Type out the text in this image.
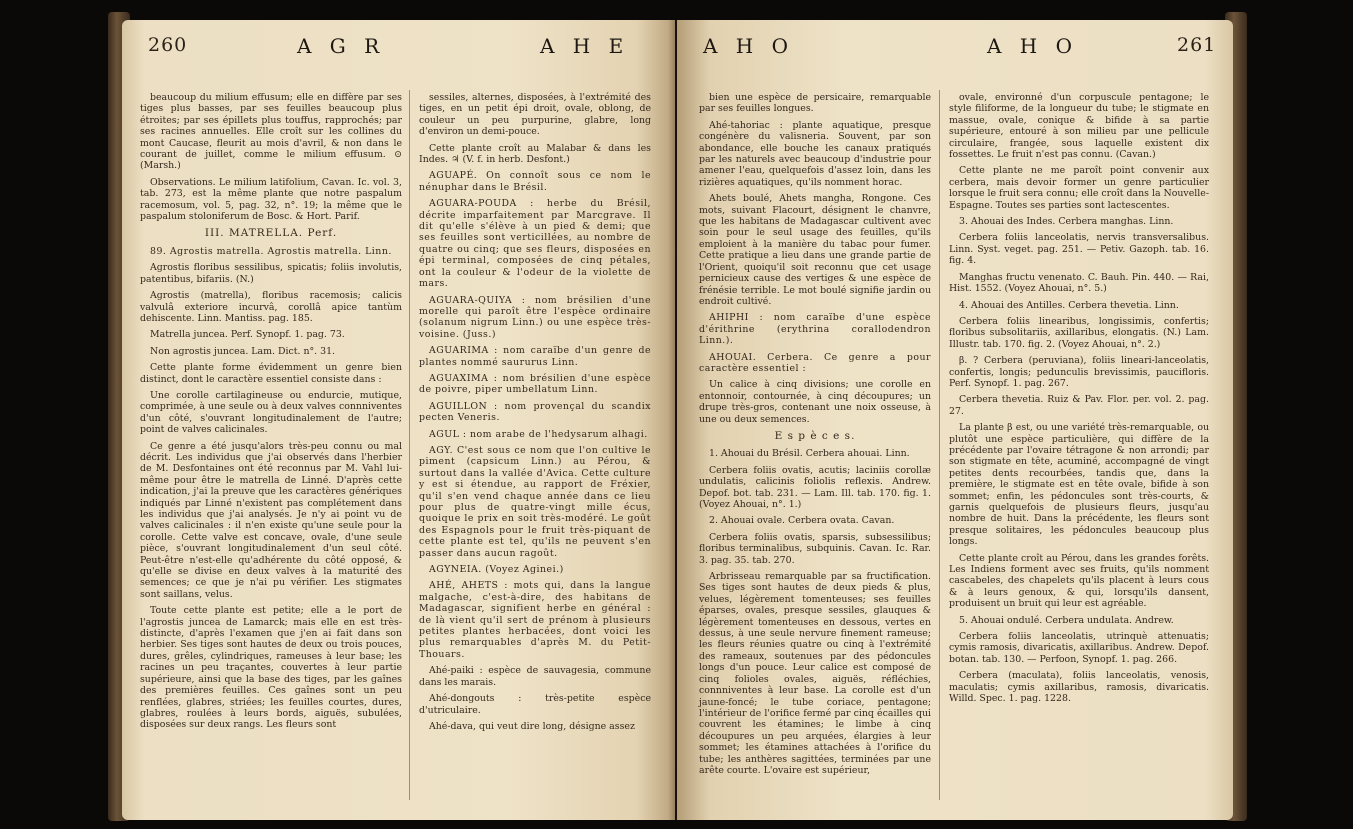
260	A G R	A H E

beaucoup du milium effusum; elle en diffère par ses tiges plus basses, par ses feuilles beaucoup plus étroites; par ses épillets plus touffus, rapprochés; par ses racines annuelles. Elle croît sur les collines du mont Caucase, fleurit au mois d'avril, & non dans le courant de juillet, comme le milium effusum. ⊙ (Marsh.)

Observations. Le milium latifolium, Cavan. Ic. vol. 3, tab. 273, est la même plante que notre paspalum racemosum, vol. 5, pag. 32, n°. 19; la même que le paspalum stoloniferum de Bosc. & Hort. Parif.

III. MATRELLA. Perf.

89. Agrostis matrella. Agrostis matrella. Linn.

Agrostis floribus sessilibus, spicatis; foliis involutis, patentibus, bifariis. (N.)

Agrostis (matrella), floribus racemosis; calicis valvulâ exteriore incurvâ, corollâ apice tantùm dehiscente. Linn. Mantiss. pag. 185.

Matrella juncea. Perf. Synopf. 1. pag. 73.

Non agrostis juncea. Lam. Dict. n°. 31.

Cette plante forme évidemment un genre bien distinct, dont le caractère essentiel consiste dans :

Une corolle cartilagineuse ou endurcie, mutique, comprimée, à une seule ou à deux valves connniventes d'un côté, s'ouvrant longitudinalement de l'autre; point de valves calicinales.

Ce genre a été jusqu'alors très-peu connu ou mal décrit. Les individus que j'ai observés dans l'herbier de M. Desfontaines ont été reconnus par M. Vahl lui-même pour être le matrella de Linné. D'après cette indication, j'ai la preuve que les caractères génériques indiqués par Linné n'existent pas complétement dans les individus que j'ai analysés. Je n'y ai point vu de valves calicinales : il n'en existe qu'une seule pour la corolle. Cette valve est concave, ovale, d'une seule pièce, s'ouvrant longitudinalement d'un seul côté. Peut-être n'est-elle qu'adhérente du côté opposé, & qu'elle se divise en deux valves à la maturité des semences; ce que je n'ai pu vérifier. Les stigmates sont saillans, velus.

Toute cette plante est petite; elle a le port de l'agrostis juncea de Lamarck; mais elle en est très-distincte, d'après l'examen que j'en ai fait dans son herbier. Ses tiges sont hautes de deux ou trois pouces, dures, grêles, cylindriques, rameuses à leur base; les racines un peu traçantes, couvertes à leur partie supérieure, ainsi que la base des tiges, par les gaînes des premières feuilles. Ces gaînes sont un peu renflées, glabres, striées; les feuilles courtes, dures, glabres, roulées à leurs bords, aiguës, subulées, disposées sur deux rangs. Les fleurs sont

sessiles, alternes, disposées, à l'extrémité des tiges, en un petit épi droit, ovale, oblong, de couleur un peu purpurine, glabre, long d'environ un demi-pouce.

Cette plante croît au Malabar & dans les Indes. ♃ (V. f. in herb. Desfont.)

AGUAPÉ. On connoît sous ce nom le nénuphar dans le Brésil.

AGUARA-POUDA : herbe du Brésil, décrite imparfaitement par Marcgrave. Il dit qu'elle s'élève à un pied & demi; que ses feuilles sont verticillées, au nombre de quatre ou cinq; que ses fleurs, disposées en épi terminal, composées de cinq pétales, ont la couleur & l'odeur de la violette de mars.

AGUARA-QUIYA : nom brésilien d'une morelle qui paroît être l'espèce ordinaire (solanum nigrum Linn.) ou une espèce très-voisine. (Juss.)

AGUARIMA : nom caraïbe d'un genre de plantes nommé saururus Linn.

AGUAXIMA : nom brésilien d'une espèce de poivre, piper umbellatum Linn.

AGUILLON : nom provençal du scandix pecten Veneris.

AGUL : nom arabe de l'hedysarum alhagi.

AGY. C'est sous ce nom que l'on cultive le piment (capsicum Linn.) au Pérou, & surtout dans la vallée d'Avica. Cette culture y est si étendue, au rapport de Fréxier, qu'il s'en vend chaque année dans ce lieu pour plus de quatre-vingt mille écus, quoique le prix en soit très-modéré. Le goût des Espagnols pour le fruit très-piquant de cette plante est tel, qu'ils ne peuvent s'en passer dans aucun ragoût.

AGYNEIA. (Voyez Aginei.)

AHÉ, AHETS : mots qui, dans la langue malgache, c'est-à-dire, des habitans de Madagascar, signifient herbe en général : de là vient qu'il sert de prénom à plusieurs petites plantes herbacées, dont voici les plus remarquables d'après M. du Petit-Thouars.

Ahé-paiki : espèce de sauvagesia, commune dans les marais.

Ahé-dongouts : très-petite espèce d'utriculaire.

Ahé-dava, qui veut dire long, désigne assez

A H O	A H O	261

bien une espèce de persicaire, remarquable par ses feuilles longues.

Ahé-tahoriac : plante aquatique, presque congénère du valisneria. Souvent, par son abondance, elle bouche les canaux pratiqués par les naturels avec beaucoup d'industrie pour amener l'eau, quelquefois d'assez loin, dans les rizières aquatiques, qu'ils nomment horac.

Ahets boulé, Ahets mangha, Rongone. Ces mots, suivant Flacourt, désignent le chanvre, que les habitans de Madagascar cultivent avec soin pour le seul usage des feuilles, qu'ils emploient à la manière du tabac pour fumer. Cette pratique a lieu dans une grande partie de l'Orient, quoiqu'il soit reconnu que cet usage pernicieux cause des vertiges & une espèce de frénésie terrible. Le mot boulé signifie jardin ou endroit cultivé.

AHIPHI : nom caraïbe d'une espèce d'érithrine (erythrina corallodendron Linn.).

AHOUAI. Cerbera. Ce genre a pour caractère essentiel :

Un calice à cinq divisions; une corolle en entonnoir, contournée, à cinq découpures; un drupe très-gros, contenant une noix osseuse, à une ou deux semences.

E s p è c e s.

1. Ahouai du Brésil. Cerbera ahouai. Linn.

Cerbera foliis ovatis, acutis; laciniis corollæ undulatis, calicinis foliolis reflexis. Andrew. Depof. bot. tab. 231. — Lam. Ill. tab. 170. fig. 1. (Voyez Ahouai, n°. 1.)

2. Ahouai ovale. Cerbera ovata. Cavan.

Cerbera foliis ovatis, sparsis, subsessilibus; floribus terminalibus, subquinis. Cavan. Ic. Rar. 3. pag. 35. tab. 270.

Arbrisseau remarquable par sa fructification. Ses tiges sont hautes de deux pieds & plus, velues, légèrement tomenteuses; ses feuilles éparses, ovales, presque sessiles, glauques & légèrement tomenteuses en dessous, vertes en dessus, à une seule nervure finement rameuse; les fleurs réunies quatre ou cinq à l'extrémité des rameaux, soutenues par des pédoncules longs d'un pouce. Leur calice est composé de cinq folioles ovales, aiguës, réfléchies, connniventes à leur base. La corolle est d'un jaune-foncé; le tube coriace, pentagone; l'intérieur de l'orifice fermé par cinq écailles qui couvrent les étamines; le limbe à cinq découpures un peu arquées, élargies à leur sommet; les étamines attachées à l'orifice du tube; les anthères sagittées, terminées par une arête courte. L'ovaire est supérieur,

ovale, environné d'un corpuscule pentagone; le style filiforme, de la longueur du tube; le stigmate en massue, ovale, conique & bifide à sa partie supérieure, entouré à son milieu par une pellicule circulaire, frangée, sous laquelle existent dix fossettes. Le fruit n'est pas connu. (Cavan.)

Cette plante ne me paroît point convenir aux cerbera, mais devoir former un genre particulier lorsque le fruit sera connu; elle croît dans la Nouvelle-Espagne. Toutes ses parties sont lactescentes.

3. Ahouai des Indes. Cerbera manghas. Linn.

Cerbera foliis lanceolatis, nervis transversalibus. Linn. Syst. veget. pag. 251. — Petiv. Gazoph. tab. 16. fig. 4.

Manghas fructu venenato. C. Bauh. Pin. 440. — Rai, Hist. 1552. (Voyez Ahouai, n°. 5.)

4. Ahouai des Antilles. Cerbera thevetia. Linn.

Cerbera foliis linearibus, longissimis, confertis; floribus subsolitariis, axillaribus, elongatis. (N.) Lam. Illustr. tab. 170. fig. 2. (Voyez Ahouai, n°. 2.)

β. ? Cerbera (peruviana), foliis lineari-lanceolatis, confertis, longis; pedunculis brevissimis, paucifloris. Perf. Synopf. 1. pag. 267.

Cerbera thevetia. Ruiz & Pav. Flor. per. vol. 2. pag. 27.

La plante β est, ou une variété très-remarquable, ou plutôt une espèce particulière, qui diffère de la précédente par l'ovaire tétragone & non arrondi; par son stigmate en tête, acuminé, accompagné de vingt petites dents recourbées, tandis que, dans la première, le stigmate est en tête ovale, bifide à son sommet; enfin, les pédoncules sont très-courts, & garnis quelquefois de plusieurs fleurs, jusqu'au nombre de huit. Dans la précédente, les fleurs sont presque solitaires, les pédoncules beaucoup plus longs.

Cette plante croît au Pérou, dans les grandes forêts. Les Indiens forment avec ses fruits, qu'ils nomment cascabeles, des chapelets qu'ils placent à leurs cous & à leurs genoux, & qui, lorsqu'ils dansent, produisent un bruit qui leur est agréable.

5. Ahouai ondulé. Cerbera undulata. Andrew.

Cerbera foliis lanceolatis, utrinquè attenuatis; cymis ramosis, divaricatis, axillaribus. Andrew. Depof. botan. tab. 130. — Perfoon, Synopf. 1. pag. 266.

Cerbera (maculata), foliis lanceolatis, venosis, maculatis; cymis axillaribus, ramosis, divaricatis. Willd. Spec. 1. pag. 1228.
